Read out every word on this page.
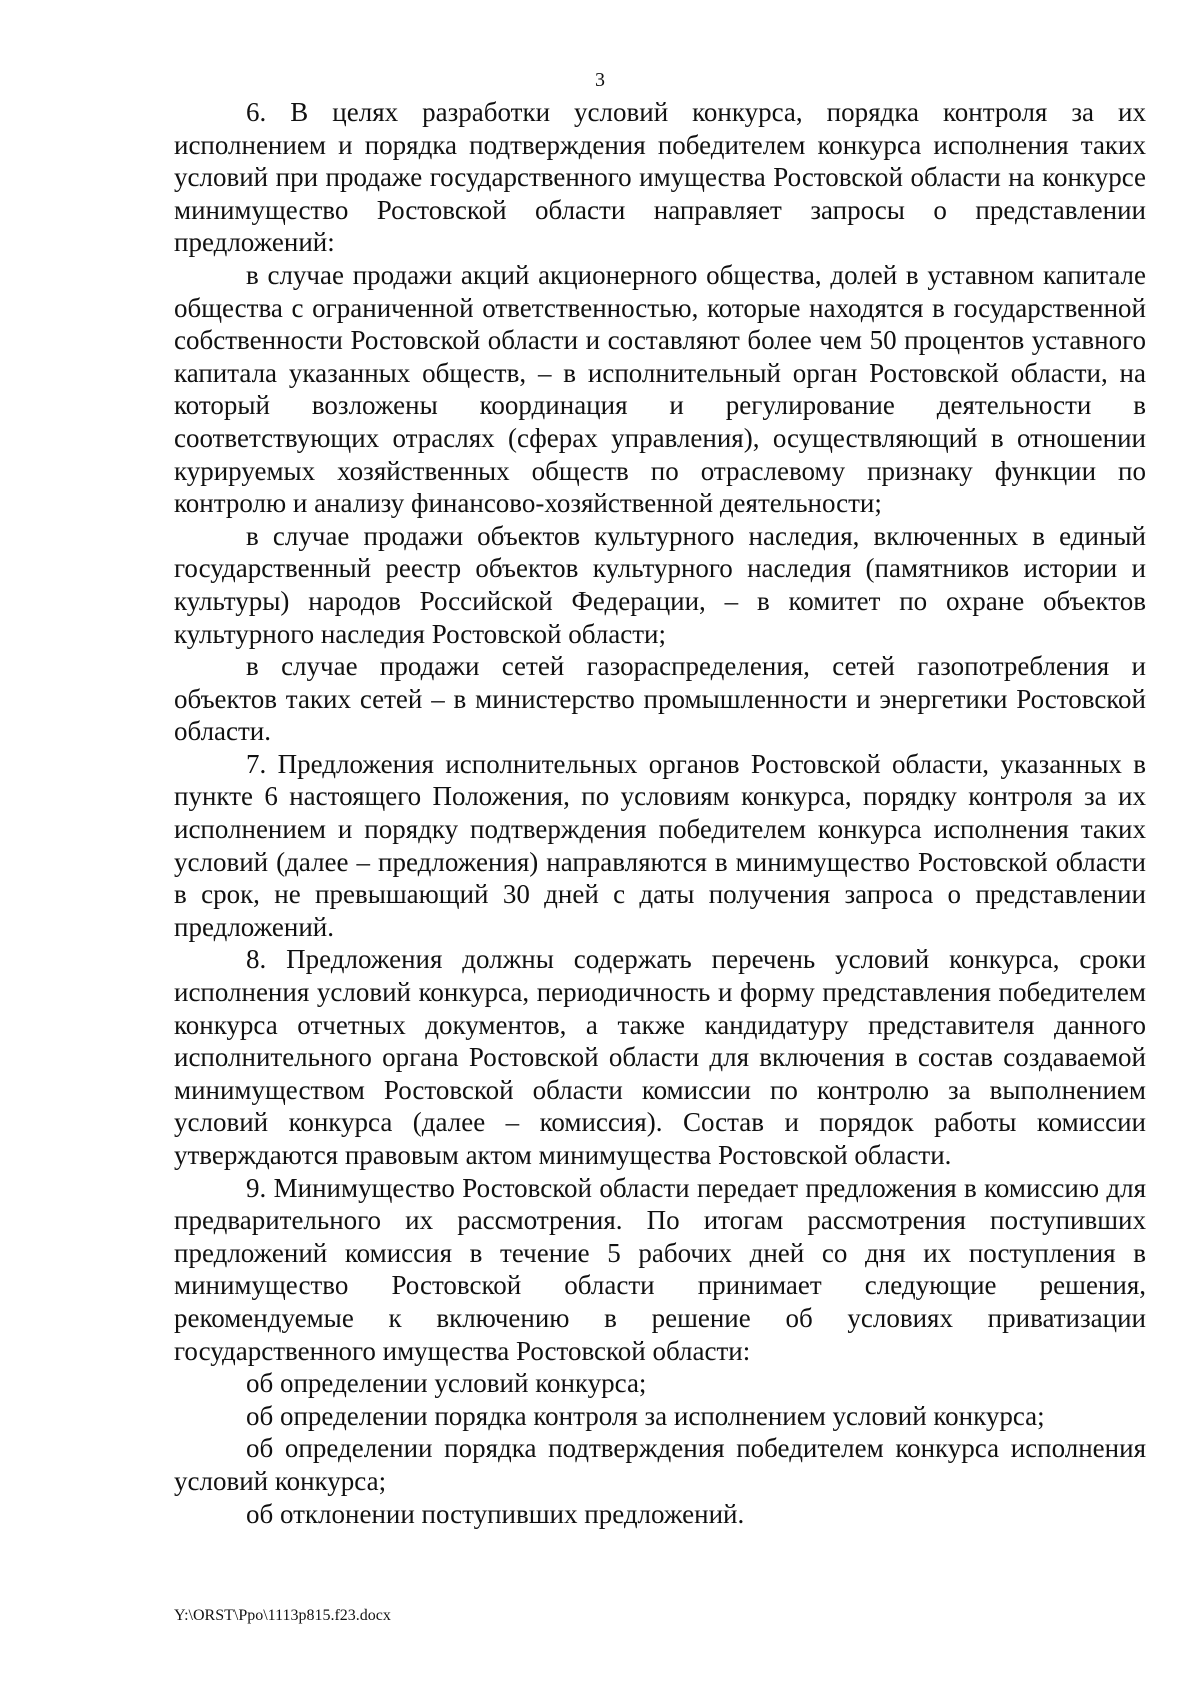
3

6. В целях разработки условий конкурса, порядка контроля за их исполнением и порядка подтверждения победителем конкурса исполнения таких условий при продаже государственного имущества Ростовской области на конкурсе минимущество Ростовской области направляет запросы о представлении предложений:

в случае продажи акций акционерного общества, долей в уставном капитале общества с ограниченной ответственностью, которые находятся в государственной собственности Ростовской области и составляют более чем 50 процентов уставного капитала указанных обществ, – в исполнительный орган Ростовской области, на который возложены координация и регулирование деятельности в соответствующих отраслях (сферах управления), осуществляющий в отношении курируемых хозяйственных обществ по отраслевому признаку функции по контролю и анализу финансово-хозяйственной деятельности;

в случае продажи объектов культурного наследия, включенных в единый государственный реестр объектов культурного наследия (памятников истории и культуры) народов Российской Федерации, – в комитет по охране объектов культурного наследия Ростовской области;

в случае продажи сетей газораспределения, сетей газопотребления и объектов таких сетей – в министерство промышленности и энергетики Ростовской области.

7. Предложения исполнительных органов Ростовской области, указанных в пункте 6 настоящего Положения, по условиям конкурса, порядку контроля за их исполнением и порядку подтверждения победителем конкурса исполнения таких условий (далее – предложения) направляются в минимущество Ростовской области в срок, не превышающий 30 дней с даты получения запроса о представлении предложений.

8. Предложения должны содержать перечень условий конкурса, сроки исполнения условий конкурса, периодичность и форму представления победителем конкурса отчетных документов, а также кандидатуру представителя данного исполнительного органа Ростовской области для включения в состав создаваемой минимуществом Ростовской области комиссии по контролю за выполнением условий конкурса (далее – комиссия). Состав и порядок работы комиссии утверждаются правовым актом минимущества Ростовской области.

9. Минимущество Ростовской области передает предложения в комиссию для предварительного их рассмотрения. По итогам рассмотрения поступивших предложений комиссия в течение 5 рабочих дней со дня их поступления в минимущество Ростовской области принимает следующие решения, рекомендуемые к включению в решение об условиях приватизации государственного имущества Ростовской области:

об определении условий конкурса;

об определении порядка контроля за исполнением условий конкурса;

об определении порядка подтверждения победителем конкурса исполнения условий конкурса;

об отклонении поступивших предложений.

Y:\ORST\Ppo\1113p815.f23.docx
